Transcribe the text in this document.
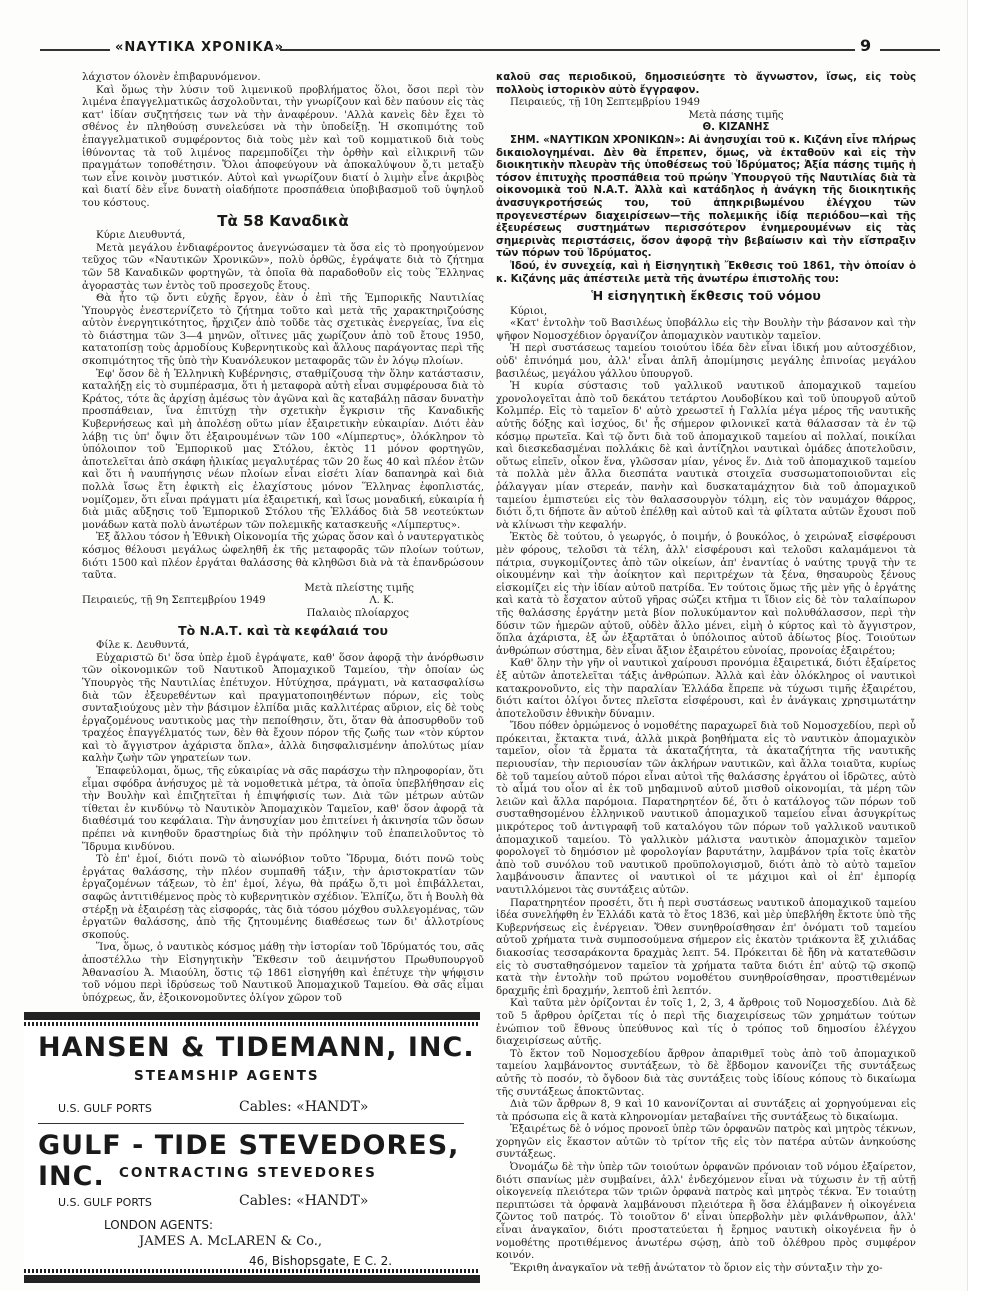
«ΝΑΥΤΙΚΑ ΧΡΟΝΙΚΑ»	9

λάχιστον όλονὲν ἐπιβαρυνόμενον.

Καὶ ὅμως τὴν λύσιν τοῦ λιμενικοῦ προβλήματος ὅλοι, ὅσοι περὶ τὸν λιμένα ἐπαγγελματικῶς ἀσχολοῦνται, τὴν γνωρίζουν καὶ δὲν παύουν εἰς τὰς κατ' ἰδίαν συζητήσεις των νὰ τὴν ἀναφέρουν. 'Αλλὰ κανεὶς δὲν ἔχει τὸ σθένος ἐν πληθούσῃ συνελεύσει νὰ τὴν ὑποδείξῃ. Ἡ σκοπιμότης τοῦ ἐπαγγελματικοῦ συμφέροντος διὰ τοὺς μὲν καὶ τοῦ κομματικοῦ διὰ τοὺς ἰθύνοντας τὰ τοῦ λιμένος παρεμποδίζει τὴν ὀρθὴν καὶ εἰλικρινῆ τῶν πραγμάτων τοποθέτησιν. Ὅλοι ἀποφεύγουν νὰ ἀποκαλύψουν ὅ,τι μεταξὺ των εἶνε κοινὸν μυστικόν. Αὐτοὶ καὶ γνωρίζουν διατί ὁ λιμὴν εἶνε ἀκριβὸς καὶ διατί δὲν εἶνε δυνατὴ οἱαδήποτε προσπάθεια ὑποβιβασμοῦ τοῦ ὑψηλοῦ του κόστους.

Τὰ 58 Καναδικὰ

Κύριε Διευθυντά,

Μετὰ μεγάλου ἐνδιαφέροντος ἀνεγνώσαμεν τὰ ὅσα εἰς τὸ προηγούμενον τεῦχος τῶν «Ναυτικῶν Χρονικῶν», πολὺ ὀρθῶς, ἐγράψατε διὰ τὸ ζήτημα τῶν 58 Καναδικῶν φορτηγῶν, τὰ ὁποῖα θὰ παραδοθοῦν εἰς τοὺς Ἕλληνας ἀγοραστὰς των ἐντὸς τοῦ προσεχοῦς ἔτους.

Θὰ ἦτο τῷ ὄντι εὐχῆς ἔργον, ἐὰν ὁ ἐπὶ τῆς Ἐμπορικῆς Ναυτιλίας Ὑπουργὸς ἐνεστερνίζετο τὸ ζήτημα τοῦτο καὶ μετὰ τῆς χαρακτηριζούσης αὐτὸν ἐνεργητικότητος, ἤρχιζεν ἀπὸ τοῦδε τὰς σχετικὰς ἐνεργείας, ἵνα εἰς τὸ διάστημα τῶν 3—4 μηνῶν, οἵτινες μᾶς χωρίζουν ἀπὸ τοῦ ἔτους 1950, κατατοπίσῃ τοὺς ἁρμοδίους Κυβερνητικοὺς καὶ ἄλλους παράγοντας περὶ τῆς σκοπιμότητος τῆς ὑπὸ τὴν Κυανόλευκον μεταφορᾶς τῶν ἐν λόγῳ πλοίων.

Ἐφ' ὅσον δὲ ἡ Ἑλληνικὴ Κυβέρνησις, σταθμίζουσα τὴν ὅλην κατάστασιν, καταλήξῃ εἰς τὸ συμπέρασμα, ὅτι ἡ μεταφορὰ αὐτὴ εἶναι συμφέρουσα διὰ τὸ Κράτος, τότε ἂς ἀρχίσῃ ἀμέσως τὸν ἀγῶνα καὶ ἂς καταβάλῃ πᾶσαν δυνατὴν προσπάθειαν, ἵνα ἐπιτύχῃ τὴν σχετικὴν ἔγκρισιν τῆς Καναδικῆς Κυβερνήσεως καὶ μὴ ἀπολέσῃ οὕτω μίαν ἐξαιρετικὴν εὐκαιρίαν. Διότι ἐὰν λάβῃ τις ὑπ' ὄψιν ὅτι ἐξαιρουμένων τῶν 100 «Λίμπερτυς», ὁλόκληρον τὸ ὑπόλοιπον τοῦ Ἐμπορικοῦ μας Στόλου, ἐκτὸς 11 μόνον φορτηγῶν, ἀποτελεῖται ἀπὸ σκάφη ἡλικίας μεγαλυτέρας τῶν 20 ἕως 40 καὶ πλέον ἐτῶν καὶ ὅτι ἡ ναυπήγησις νέων πλοίων εἶναι εἰσέτι λίαν δαπανηρὰ καὶ διὰ πολλὰ ἴσως ἔτη ἐφικτὴ εἰς ἐλαχίστους μόνον Ἕλληνας ἐφοπλιστάς, νομίζομεν, ὅτι εἶναι πράγματι μία ἐξαιρετική, καὶ ἴσως μοναδική, εὐκαιρία ἡ διὰ μιᾶς αὔξησις τοῦ Ἐμπορικοῦ Στόλου τῆς Ἑλλάδος διὰ 58 νεοτεύκτων μονάδων κατὰ πολὺ ἀνωτέρων τῶν πολεμικῆς κατασκευῆς «Λίμπερτυς».

Ἐξ ἄλλου τόσον ἡ Ἐθνικὴ Οἰκονομία τῆς χώρας ὅσον καὶ ὁ ναυτεργατικὸς κόσμος θέλουσι μεγάλως ὠφεληθῆ ἐκ τῆς μεταφορᾶς τῶν πλοίων τούτων, διότι 1500 καὶ πλέον ἐργάται θαλάσσης θὰ κληθῶσι διὰ νὰ τὰ ἐπανδρώσουν ταῦτα.

Μετὰ πλείστης τιμῆς
Πειραιεύς, τῇ 9η Σεπτεμβρίου 1949	Λ. Κ.
Παλαιὸς πλοίαρχος
Τὸ Ν.Α.Τ. καὶ τὰ κεφάλαιά του

Φίλε κ. Δευθυντά,

Εὐχαριστῶ δι' ὅσα ὑπὲρ ἐμοῦ ἐγράψατε, καθ' ὅσον ἀφορᾷ τὴν ἀνόρθωσιν τῶν οἰκονομικῶν τοῦ Ναυτικοῦ Ἀπομαχικοῦ Ταμείου, τὴν ὁποίαν ὡς Ὑπουργὸς τῆς Ναυτιλίας ἐπέτυχον. Ηὐτύχησα, πράγματι, νὰ κατασφαλίσω διὰ τῶν ἐξευρεθέντων καὶ πραγματοποιηθέντων πόρων, εἰς τοὺς συνταξιούχους μὲν τὴν βάσιμον ἐλπίδα μιᾶς καλλιτέρας αὔριον, εἰς δὲ τοὺς ἐργαζομένους ναυτικοὺς μας τὴν πεποίθησιν, ὅτι, ὅταν θὰ ἀποσυρθοῦν τοῦ τραχέος ἐπαγγέλματός των, δὲν θὰ ἔχουν πόρον τῆς ζωῆς των «τὸν κύρτον καὶ τὸ ἄγγιστρον ἀχάριστα ὅπλα», ἀλλὰ διησφαλισμένην ἀπολύτως μίαν καλὴν ζωὴν τῶν γηρατείων των.

Ἐπαφεὐλομαι, ὅμως, τῆς εὐκαιρίας νὰ σᾶς παράσχω τὴν πληροφορίαν, ὅτι εἶμαι σφόδρα ἀνήσυχος μὲ τὰ νομοθετικὰ μέτρα, τὰ ὁποῖα ὑπεβλήθησαν εἰς τὴν Βουλὴν καὶ ἐπιζητεῖται ἡ ἐπιψήφισίς των. Διὰ τῶν μέτρων αὐτῶν τίθεται ἐν κινδύνῳ τὸ Ναυτικὸν Ἀπομαχικὸν Ταμεῖον, καθ' ὅσον ἀφορᾷ τὰ διαθέσιμά του κεφάλαια. Τὴν ἀνησυχίαν μου ἐπιτείνει ἡ ἀκινησία τῶν ὅσων πρέπει νὰ κινηθοῦν δραστηρίως διὰ τὴν πρόληψιν τοῦ ἐπαπειλοῦντος τὸ Ἵδρυμα κινδύνου.

Τὸ ἐπ' ἐμοί, διότι πονῶ τὸ αἰωνόβιον τοῦτο Ἵδρυμα, διότι πονῶ τοὺς ἐργάτας θαλάσσης, τὴν πλέον συμπαθῆ τάξιν, τὴν ἀριστοκρατίαν τῶν ἐργαζομένων τάξεων, τὸ ἐπ' ἐμοί, λέγω, θὰ πράξω ὅ,τι μοὶ ἐπιβάλλεται, σαφῶς ἀντιτιθέμενος πρὸς τὸ κυβερνητικὸν σχέδιον. Ἐλπίζω, ὅτι ἡ Βουλὴ θὰ στέρξῃ νὰ ἐξαιρέσῃ τὰς εἰσφοράς, τὰς διὰ τόσου μόχθου συλλεγομένας, τῶν ἐργατῶν θαλάσσης, ἀπὸ τῆς ζητουμένης διαθέσεως των δι' ἀλλοτρίους σκοπούς.

Ἵνα, ὅμως, ὁ ναυτικὸς κόσμος μάθῃ τὴν ἱστορίαν τοῦ Ἱδρύματός του, σᾶς ἀποστέλλω τὴν Εἰσηγητικὴν Ἔκθεσιν τοῦ ἀειμνήστου Πρωθυπουργοῦ Ἀθανασίου Ἀ. Μιαούλη, ὅστις τῷ 1861 εἰσηγήθη καὶ ἐπέτυχε τὴν ψήφισιν τοῦ νόμου περὶ ἱδρύσεως τοῦ Ναυτικοῦ Ἀπομαχικοῦ Ταμείου. Θὰ σᾶς εἶμαι ὑπόχρεως, ἄν, ἐξοικονομοῦντες ὀλίγον χῶρον τοῦ

καλοῦ σας περιοδικοῦ, δημοσιεύσητε τὸ ἄγνωστον, ἴσως, εἰς τοὺς πολλοὺς ἱστορικὸν αὐτὸ ἔγγραφον.

Πειραιεύς, τῇ 10η Σεπτεμβρίου 1949

Μετὰ πάσης τιμῆς
Θ. ΚΙΖΑΝΗΣ

ΣΗΜ. «ΝΑΥΤΙΚΩΝ ΧΡΟΝΙΚΩΝ»: Αἱ ἀνησυχίαι τοῦ κ. Κιζάνη εἶνε πλήρως δικαιολογημέναι. Δὲν θὰ ἔπρεπεν, ὅμως, νὰ ἐκταθοῦν καὶ εἰς τὴν διοικητικὴν πλευρὰν τῆς ὑποθέσεως τοῦ Ἱδρύματος; Ἀξία πάσης τιμῆς ἡ τόσον ἐπιτυχὴς προσπάθεια τοῦ πρώην Ὑπουργοῦ τῆς Ναυτιλίας διὰ τὰ οἰκονομικὰ τοῦ Ν.Α.Τ. Ἀλλὰ καὶ κατάδηλος ἡ ἀνάγκη τῆς διοικητικῆς ἀνασυγκροτήσεώς του, τοῦ ἀπηκριβωμένου ἐλέγχου τῶν προγενεστέρων διαχειρίσεων—τῆς πολεμικῆς ἰδίᾳ περιόδου—καὶ τῆς ἐξευρέσεως συστημάτων περισσότερον ἐνημερουμένων εἰς τὰς σημερινὰς περιστάσεις, ὅσον ἀφορᾷ τὴν βεβαίωσιν καὶ τὴν εἴσπραξιν τῶν πόρων τοῦ Ἱδρύματος.

Ἰδού, ἐν συνεχείᾳ, καὶ ἡ Εἰσηγητικὴ Ἔκθεσις τοῦ 1861, τὴν ὁποίαν ὁ κ. Κιζάνης μᾶς ἀπέστειλε μετὰ τῆς ἀνωτέρω ἐπιστολῆς του:

Ἡ εἰσηγητικὴ ἔκθεσις τοῦ νόμου

Κύριοι,

«Κατ' ἐντολὴν τοῦ Βασιλέως ὑποβάλλω εἰς τὴν Βουλὴν τὴν βάσανον καὶ τὴν ψῆφον Νομοσχέδιον ὀργανίζον ἀπομαχικὸν ναυτικὸν ταμεῖον.

Ἡ περὶ συστάσεως ταμείου τοιούτου ἰδέα δὲν εἶναι ἰδική μου αὐτοσχέδιον, οὐδ' ἐπινόημά μου, ἀλλ' εἶναι ἁπλῆ ἀπομίμησις μεγάλης ἐπινοίας μεγάλου βασιλέως, μεγάλου γάλλου ὑπουργοῦ.

Ἡ κυρία σύστασις τοῦ γαλλικοῦ ναυτικοῦ ἀπομαχικοῦ ταμείου χρονολογεῖται ἀπὸ τοῦ δεκάτου τετάρτου Λουδοβίκου καὶ τοῦ ὑπουργοῦ αὐτοῦ Κολμπέρ. Εἰς τὸ ταμεῖον δ' αὐτὸ χρεωστεῖ ἡ Γαλλία μέγα μέρος τῆς ναυτικῆς αὐτῆς δόξης καὶ ἰσχύος, δι' ἧς σήμερον φιλονικεῖ κατὰ θάλασσαν τὰ ἐν τῷ κόσμῳ πρωτεῖα. Καὶ τῷ ὄντι διὰ τοῦ ἀπομαχικοῦ ταμείου αἱ πολλαί, ποικίλαι καὶ διεσκεδασμέναι πολλάκις δὲ καὶ ἀντίζηλοι ναυτικαὶ ὁμάδες ἀποτελοῦσιν, οὕτως εἰπεῖν, οἶκον ἕνα, γλῶσσαν μίαν, γένος ἕν. Διὰ τοῦ ἀπομαχικοῦ ταμείου τὰ πολλὰ μὲν ἄλλα διεσπάτα ναυτικὰ στοιχεῖα συσσωματοποιοῦνται εἰς ῥάλαγγαν μίαν στερεάν, πανὴν καὶ δυσκαταμάχητον διὰ τοῦ ἀπομαχικοῦ ταμείου ἐμπιστεύει εἰς τὸν θαλασσουργὸν τόλμη, εἰς τὸν ναυμάχον θάρρος, διότι ὅ,τι δήποτε ἂν αὐτοῦ ἐπέλθῃ καὶ αὐτοῦ καὶ τὰ φίλτατα αὐτῶν ἔχουσι ποῦ νὰ κλίνωσι τὴν κεφαλήν.

Ἐκτὸς δὲ τούτου, ὁ γεωργός, ὁ ποιμήν, ὁ βουκόλος, ὁ χειρώναξ εἰσφέρουσι μὲν φόρους, τελοῦσι τὰ τέλη, ἀλλ' εἰσφέρουσι καὶ τελοῦσι καλαμάμενοι τὰ πάτρια, συγκομίζοντες ἀπὸ τῶν οἰκείων, ἀπ' ἐναντίας ὁ ναύτης τρυγᾷ τὴν τε οἰκουμένην καὶ τὴν ἀοίκητον καὶ περιτρέχων τὰ ξένα, θησαυροὺς ξένους εἰσκομίζει εἰς τὴν ἰδίαν αὐτοῦ πατρίδα. Ἐν τούτοις ὅμως τῆς μὲν γῆς ὁ ἐργάτης καὶ κατὰ τὸ ἔσχατον αὐτοῦ γῆρας σώζει κτῆμα τι ἴδιον εἰς δὲ τὸν ταλαίπωρον τῆς θαλάσσης ἐργάτην μετὰ βίον πολυκύμαντον καὶ πολυθάλασσον, περὶ τὴν δύσιν τῶν ἡμερῶν αὐτοῦ, οὐδὲν ἄλλο μένει, εἰμὴ ὁ κύρτος καὶ τὸ ἄγγιστρον, ὅπλα ἀχάριστα, ἐξ ὧν ἐξαρτᾶται ὁ ὑπόλοιπος αὐτοῦ ἀδίωτος βίος. Τοιούτων ἀνθρώπων σύστημα, δὲν εἶναι ἄξιον ἐξαιρέτου εὐνοίας, προνοίας ἐξαιρέτου;

Καθ' ὅλην τὴν γῆν οἱ ναυτικοὶ χαίρουσι προνόμια ἐξαιρετικά, διότι ἐξαίρετος ἐξ αὐτῶν ἀποτελεῖται τάξις ἀνθρώπων. Ἀλλὰ καὶ ἐὰν ὁλόκληρος οἱ ναυτικοὶ κατακρονοῦντο, εἰς τὴν παραλίαν Ἑλλάδα ἔπρεπε νὰ τύχωσι τιμῆς ἐξαιρέτου, διότι καίτοι ὀλίγοι ὄντες πλεῖστα εἰσφέρουσι, καὶ ἐν ἀνάγκαις χρησιμωτάτην ἀποτελοῦσιν ἐθνικὴν δύναμιν.

Ἴδου πόθεν ὁρμώμενος ὁ νομοθέτης παραχωρεῖ διὰ τοῦ Νομοσχεδίου, περὶ οὗ πρόκειται, ἔκτακτα τινά, ἀλλὰ μικρὰ βοηθήματα εἰς τὸ ναυτικὸν ἀπομαχικὸν ταμεῖον, οἷον τὰ ἔρματα τὰ ἀκαταζήτητα, τὰ ἀκαταζήτητα τῆς ναυτικῆς περιουσίαν, τὴν περιουσίαν τῶν ἀκλήρων ναυτικῶν, καὶ ἄλλα τοιαῦτα, κυρίως δὲ τοῦ ταμείου αὐτοῦ πόροι εἶναι αὐτοὶ τῆς θαλάσσης ἐργάτου οἱ ἱδρῶτες, αὐτὸ τὸ αἷμά του οἷον αἱ ἐκ τοῦ μηδαμινοῦ αὐτοῦ μισθοῦ οἰκονομίαι, τὰ μέρη τῶν λειῶν καὶ ἄλλα παρόμοια. Παρατηρητέον δέ, ὅτι ὁ κατάλογος τῶν πόρων τοῦ συσταθησομένου ἑλληνικοῦ ναυτικοῦ ἀπομαχικοῦ ταμείου εἶναι ἀσυγκρίτως μικρότερος τοῦ ἀντιγραφῆ τοῦ καταλόγου τῶν πόρων τοῦ γαλλικοῦ ναυτικοῦ ἀπομαχικοῦ ταμείου. Τὸ γαλλικὸν μάλιστα ναυτικὸν ἀπομαχικὸν ταμεῖον φορολογεῖ τὸ δημόσιον μὲ φορολογίαν βαρυτάτην, λαμβάνον τρία τοῖς ἑκατὸν ἀπὸ τοῦ συνόλου τοῦ ναυτικοῦ προϋπολογισμοῦ, διότι ἀπὸ τὸ αὐτὸ ταμεῖον λαμβάνουσιν ἅπαντες οἱ ναυτικοὶ οἱ τε μάχιμοι καὶ οἱ ἐπ' ἐμπορίᾳ ναυτιλλόμενοι τὰς συντάξεις αὐτῶν.

Παρατηρητέον προσέτι, ὅτι ἡ περὶ συστάσεως ναυτικοῦ ἀπομαχικοῦ ταμείου ἰδέα συνελήφθη ἐν Ἑλλάδι κατὰ τὸ ἔτος 1836, καὶ μὲρ ὑπεβλήθη ἔκτοτε ὑπὸ τῆς Κυβερνήσεως εἰς ἐνέργειαν. Ὅθεν συνηθροίσθησαν ἐπ' ὀνόματι τοῦ ταμείου αὐτοῦ χρήματα τινὰ συμποσούμενα σήμερον εἰς ἑκατὸν τριάκοντα ἓξ χιλιάδας διακοσίας τεσσαράκοντα δραχμὰς λεπτ. 54. Πρόκειται δὲ ἤδη νὰ κατατεθῶσιν εἰς τὸ συσταθησόμενον ταμεῖον τὰ χρήματα ταῦτα διότι ἐπ' αὐτῷ τῷ σκοπῷ κατὰ τὴν ἐντολὴν τοῦ πρώτου νομοθέτου συνηθροίσθησαν, προστιθεμένων δραχμῆς ἐπὶ δραχμήν, λεπτοῦ ἐπὶ λεπτόν.

Καὶ ταῦτα μὲν ὁρίζονται ἐν τοῖς 1, 2, 3, 4 ἄρθροις τοῦ Νομοσχεδίου. Διὰ δὲ τοῦ 5 ἄρθρου ὁρίζεται τίς ὁ περὶ τῆς διαχειρίσεως τῶν χρημάτων τούτων ἐνώπιον τοῦ ἔθνους ὑπεύθυνος καὶ τίς ὁ τρόπος τοῦ δημοσίου ἐλέγχου διαχειρίσεως αὐτῆς.

Τὸ ἕκτον τοῦ Νομοσχεδίου ἄρθρον ἀπαριθμεῖ τοὺς ἀπὸ τοῦ ἀπομαχικοῦ ταμείου λαμβάνοντος συντάξεων, τὸ δὲ ἕβδομον κανονίζει τῆς συντάξεως αὐτῆς τὸ ποσόν, τὸ ὄγδοον διὰ τὰς συντάξεις τοὺς ἰδίους κόπους τὸ δικαίωμα τῆς συντάξεως ἀποκτῶντας.

Διὰ τῶν ἄρθρων 8, 9 καὶ 10 κανονίζονται αἱ συντάξεις αἱ χορηγούμεναι εἰς τὰ πρόσωπα εἰς ἃ κατὰ κληρονομίαν μεταβαίνει τῆς συντάξεως τὸ δικαίωμα.

Ἐξαιρέτως δὲ ὁ νόμος προνοεῖ ὑπὲρ τῶν ὀρφανῶν πατρὸς καὶ μητρὸς τέκνων, χορηγῶν εἰς ἕκαστον αὐτῶν τὸ τρίτον τῆς εἰς τὸν πατέρα αὐτῶν ἀνηκούσης συντάξεως.

Ὀνομάζω δὲ τὴν ὑπὲρ τῶν τοιούτων ὀρφανῶν πρόνοιαν τοῦ νόμου ἐξαίρετον, διότι σπανίως μὲν συμβαίνει, ἀλλ' ἐνδεχόμενον εἶναι νὰ τύχωσιν ἐν τῇ αὐτῇ οἰκογενείᾳ πλειότερα τῶν τριῶν ὀρφανὰ πατρὸς καὶ μητρὸς τέκνα. Ἐν τοιαύτῃ περιπτώσει τὰ ὀρφανὰ λαμβάνουσι πλειότερα ἢ ὅσα ἐλάμβανεν ἡ οἰκογένεια ζῶντος τοῦ πατρός. Τὸ τοιοῦτον δ' εἶναι ὑπερβολὴν μὲν φιλάνθρωπον, ἀλλ' εἶναι ἀναγκαῖον, διότι προστατεύεται ἡ ἔρημος ναυτικὴ οἰκογένεια ἣν ὁ νομοθέτης προτιθέμενος ἀνωτέρω σῴσῃ, ἀπὸ τοῦ ὀλέθρου πρὸς συμφέρον κοινόν.

Ἔκριθη ἀναγκαῖον νὰ τεθῇ ἀνώτατον τὸ ὅριον εἰς τὴν σύνταξιν τὴν χο-

HANSEN & TIDEMANN, INC.
STEAMSHIP AGENTS
U.S. GULF PORTS	Cables: «HANDT»
GULF - TIDE STEVEDORES, INC.	CONTRACTING STEVEDORES
U.S. GULF PORTS	Cables: «HANDT»
LONDON AGENTS:
JAMES A. McLAREN & Co.,
46, Bishopsgate, E C. 2.
